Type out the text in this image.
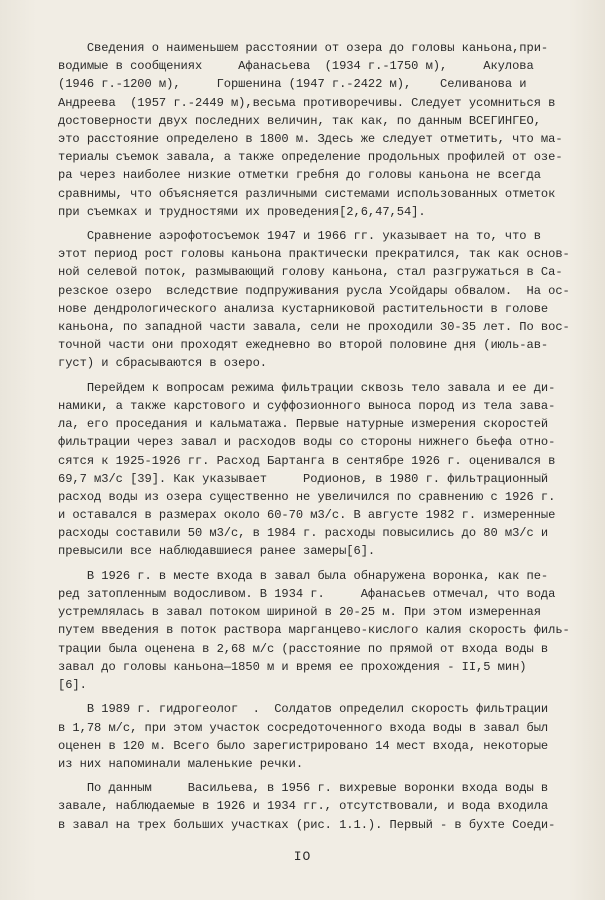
Сведения о наименьшем расстоянии от озера до головы каньона,при-
водимые в сообщениях     Афанасьева  (1934 г.-1750 м),     Акулова
(1946 г.-1200 м),     Горшенина (1947 г.-2422 м),    Селиванова и
Андреева  (1957 г.-2449 м),весьма противоречивы. Следует усомниться в
достоверности двух последних величин, так как, по данным ВСЕГИНГЕО,
это расстояние определено в 1800 м. Здесь же следует отметить, что ма-
териалы съемок завала, а также определение продольных профилей от озе-
ра через наиболее низкие отметки гребня до головы каньона не всегда
сравнимы, что объясняется различными системами использованных отметок
при съемках и трудностями их проведения[2,6,47,54].
Сравнение аэрофотосъемок 1947 и 1966 гг. указывает на то, что в
этот период рост головы каньона практически прекратился, так как основ-
ной селевой поток, размывающий голову каньона, стал разгружаться в Са-
резское озеро  вследствие подпруживания русла Усойдары обвалом.  На ос-
нове дендрологического анализа кустарниковой растительности в голове
каньона, по западной части завала, сели не проходили 30-35 лет. По вос-
точной части они проходят ежедневно во второй половине дня (июль-ав-
густ) и сбрасываются в озеро.
Перейдем к вопросам режима фильтрации сквозь тело завала и ее ди-
намики, а также карстового и суффозионного выноса пород из тела зава-
ла, его проседания и кальматажа. Первые натурные измерения скоростей
фильтрации через завал и расходов воды со стороны нижнего бьефа отно-
сятся к 1925-1926 гг. Расход Бартанга в сентябре 1926 г. оценивался в
69,7 м3/с [39]. Как указывает     Родионов, в 1980 г. фильтрационный
расход воды из озера существенно не увеличился по сравнению с 1926 г.
и оставался в размерах около 60-70 м3/с. В августе 1982 г. измеренные
расходы составили 50 м3/с, в 1984 г. расходы повысились до 80 м3/с и
превысили все наблюдавшиеся ранее замеры[6].
В 1926 г. в месте входа в завал была обнаружена воронка, как пе-
ред затопленным водосливом. В 1934 г.     Афанасьев отмечал, что вода
устремлялась в завал потоком шириной в 20-25 м. При этом измеренная
путем введения в поток раствора марганцево-кислого калия скорость филь-
трации была оценена в 2,68 м/с (расстояние по прямой от входа воды в
завал до головы каньона—1850 м и время ее прохождения - II,5 мин)
[6].
В 1989 г. гидрогеолог  .  Солдатов определил скорость фильтрации
в 1,78 м/с, при этом участок сосредоточенного входа воды в завал был
оценен в 120 м. Всего было зарегистрировано 14 мест входа, некоторые
из них напоминали маленькие речки.
По данным     Васильева, в 1956 г. вихревые воронки входа воды в
завале, наблюдаемые в 1926 и 1934 гг., отсутствовали, и вода входила
в завал на трех больших участках (рис. 1.1.). Первый - в бухте Соеди-
IO
